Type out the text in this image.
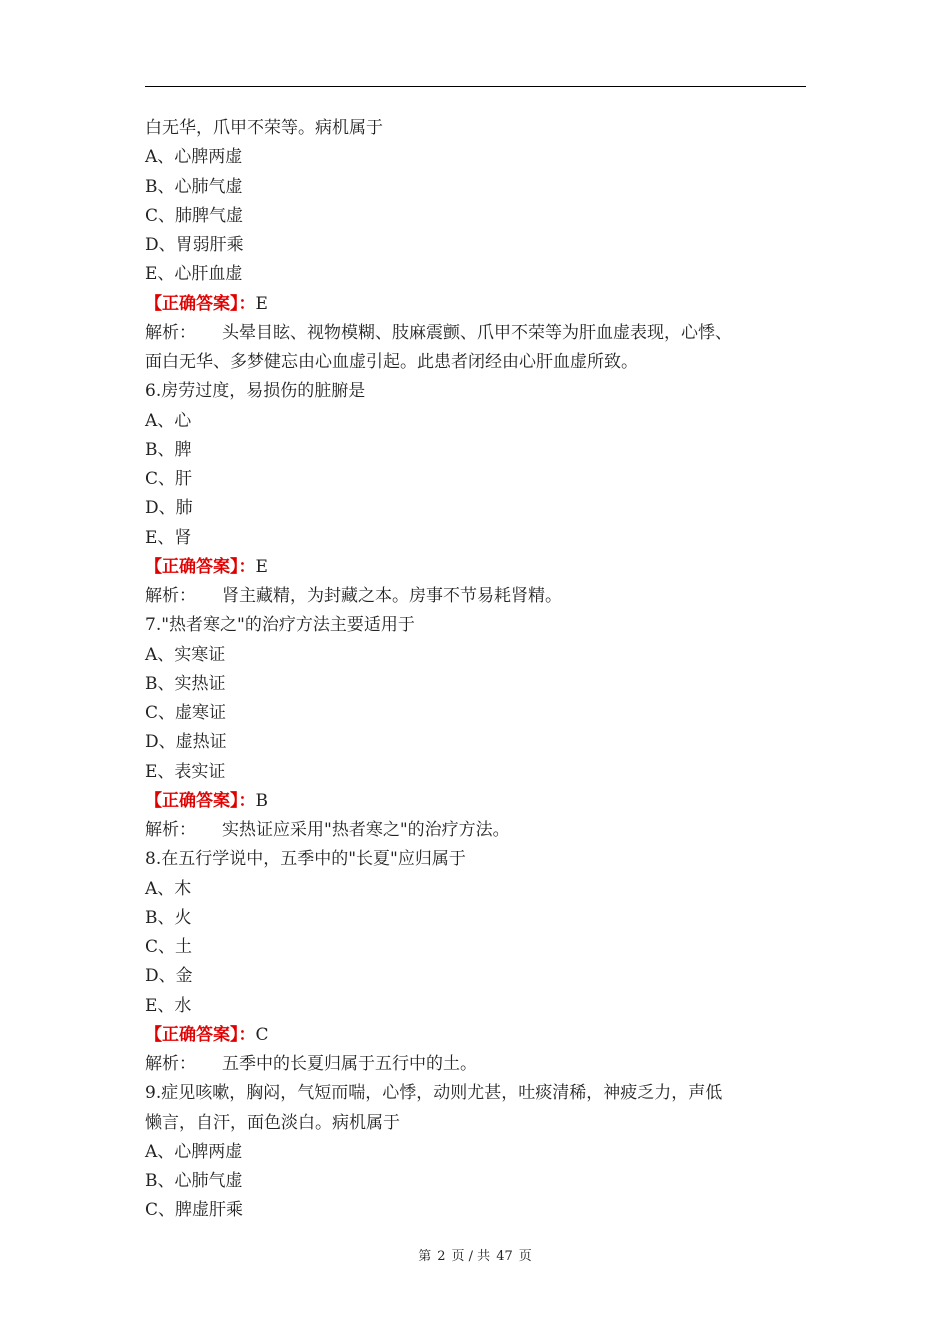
白无华，爪甲不荣等。病机属于
A、心脾两虚
B、心肺气虚
C、肺脾气虚
D、胃弱肝乘
E、心肝血虚
【正确答案】：E
解析： 头晕目眩、视物模糊、肢麻震颤、爪甲不荣等为肝血虚表现，心悸、
面白无华、多梦健忘由心血虚引起。此患者闭经由心肝血虚所致。
6.房劳过度，易损伤的脏腑是
A、心
B、脾
C、肝
D、肺
E、肾
【正确答案】：E
解析： 肾主藏精，为封藏之本。房事不节易耗肾精。
7."热者寒之"的治疗方法主要适用于
A、实寒证
B、实热证
C、虚寒证
D、虚热证
E、表实证
【正确答案】：B
解析： 实热证应采用"热者寒之"的治疗方法。
8.在五行学说中，五季中的"长夏"应归属于
A、木
B、火
C、土
D、金
E、水
【正确答案】：C
解析： 五季中的长夏归属于五行中的土。
9.症见咳嗽，胸闷，气短而喘，心悸，动则尤甚，吐痰清稀，神疲乏力，声低
懒言，自汗，面色淡白。病机属于
A、心脾两虚
B、心肺气虚
C、脾虚肝乘
第 2 页 / 共 47 页
